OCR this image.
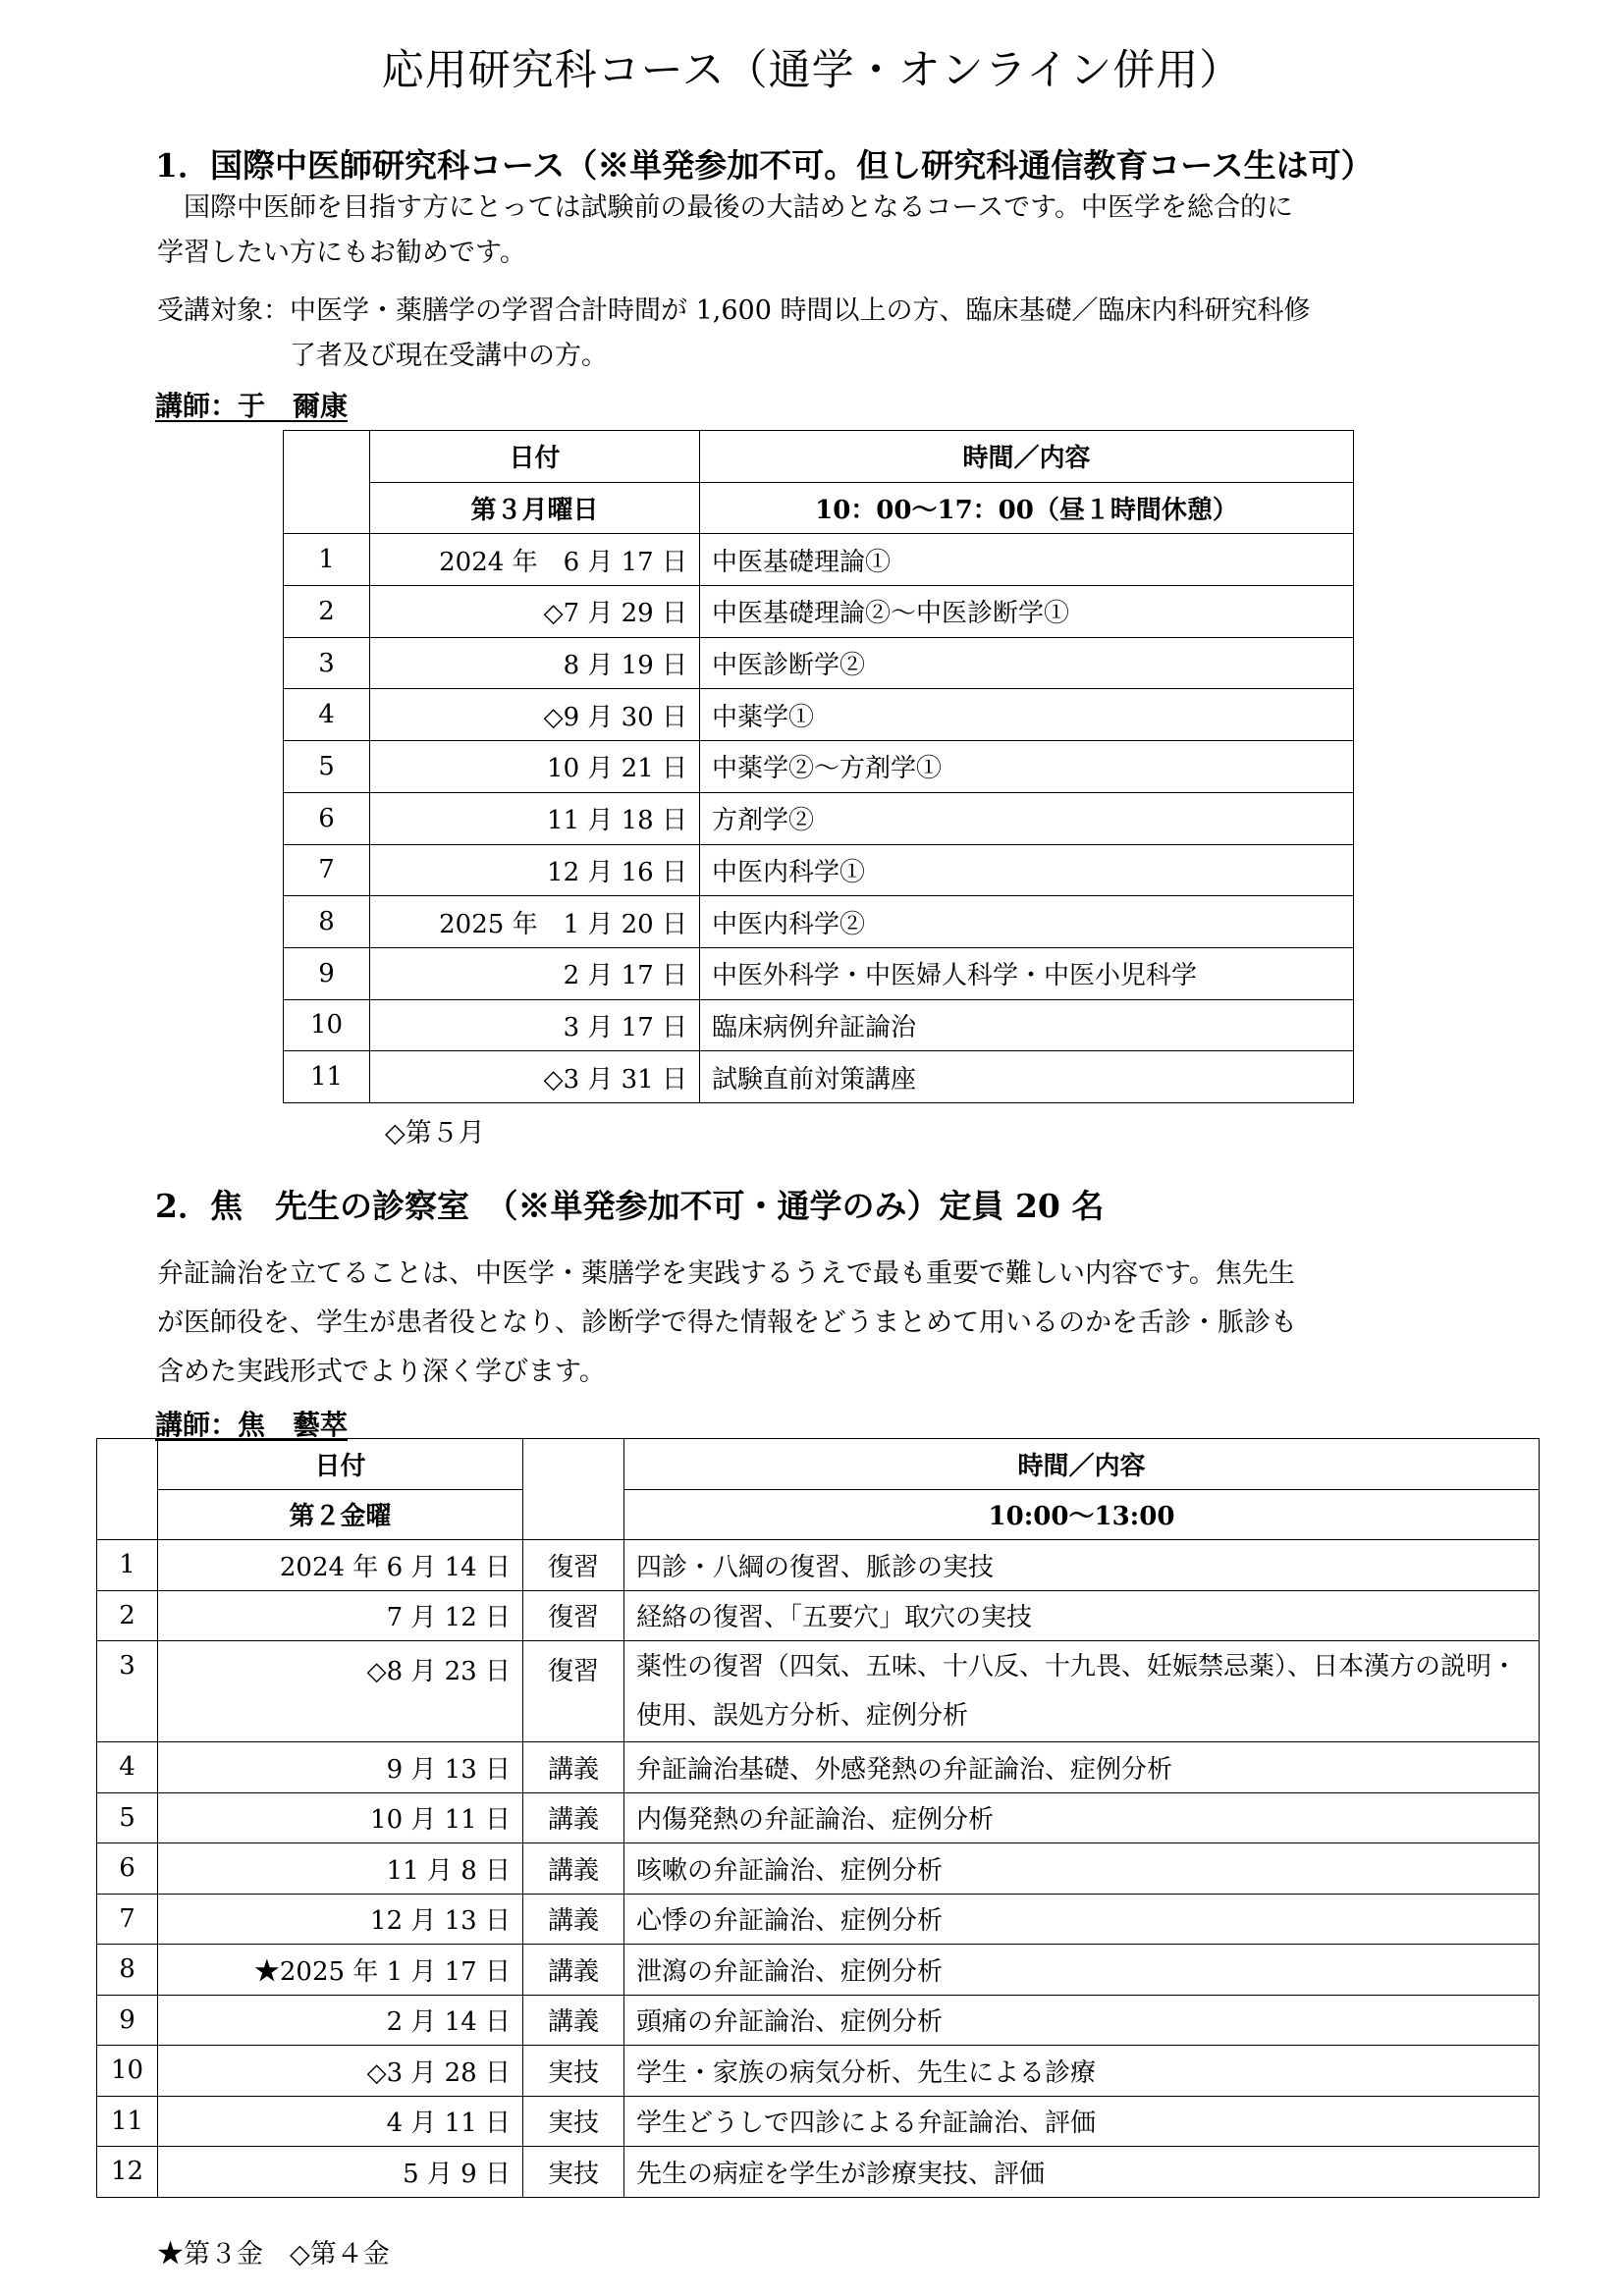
応用研究科コース（通学・オンライン併用）
1．国際中医師研究科コース（※単発参加不可。但し研究科通信教育コース生は可）
　国際中医師を目指す方にとっては試験前の最後の大詰めとなるコースです。中医学を総合的に
学習したい方にもお勧めです。
受講対象：中医学・薬膳学の学習合計時間が 1,600 時間以上の方、臨床基礎／臨床内科研究科修
　　　　　了者及び現在受講中の方。
講師：于　爾康
	日付	時間／内容
	第３月曜日	10：00〜17：00（昼１時間休憩）
1	2024 年　6 月 17 日	中医基礎理論①
2	◇7 月 29 日	中医基礎理論②〜中医診断学①
3	8 月 19 日	中医診断学②
4	◇9 月 30 日	中薬学①
5	10 月 21 日	中薬学②〜方剤学①
6	11 月 18 日	方剤学②
7	12 月 16 日	中医内科学①
8	2025 年　1 月 20 日	中医内科学②
9	2 月 17 日	中医外科学・中医婦人科学・中医小児科学
10	3 月 17 日	臨床病例弁証論治
11	◇3 月 31 日	試験直前対策講座
◇第５月
2．焦　先生の診察室　（※単発参加不可・通学のみ）定員 20 名
弁証論治を立てることは、中医学・薬膳学を実践するうえで最も重要で難しい内容です。焦先生
が医師役を、学生が患者役となり、診断学で得た情報をどうまとめて用いるのかを舌診・脈診も
含めた実践形式でより深く学びます。
講師：焦　藝萃
	日付		時間／内容
	第２金曜		10:00〜13:00
1	2024 年 6 月 14 日	復習	四診・八綱の復習、脈診の実技
2	7 月 12 日	復習	経絡の復習、「五要穴」取穴の実技
3	◇8 月 23 日	復習	薬性の復習（四気、五味、十八反、十九畏、妊娠禁忌薬）、日本漢方の説明・使用、誤処方分析、症例分析
4	9 月 13 日	講義	弁証論治基礎、外感発熱の弁証論治、症例分析
5	10 月 11 日	講義	内傷発熱の弁証論治、症例分析
6	11 月 8 日	講義	咳嗽の弁証論治、症例分析
7	12 月 13 日	講義	心悸の弁証論治、症例分析
8	★2025 年 1 月 17 日	講義	泄瀉の弁証論治、症例分析
9	2 月 14 日	講義	頭痛の弁証論治、症例分析
10	◇3 月 28 日	実技	学生・家族の病気分析、先生による診療
11	4 月 11 日	実技	学生どうしで四診による弁証論治、評価
12	5 月 9 日	実技	先生の病症を学生が診療実技、評価
★第３金　◇第４金
